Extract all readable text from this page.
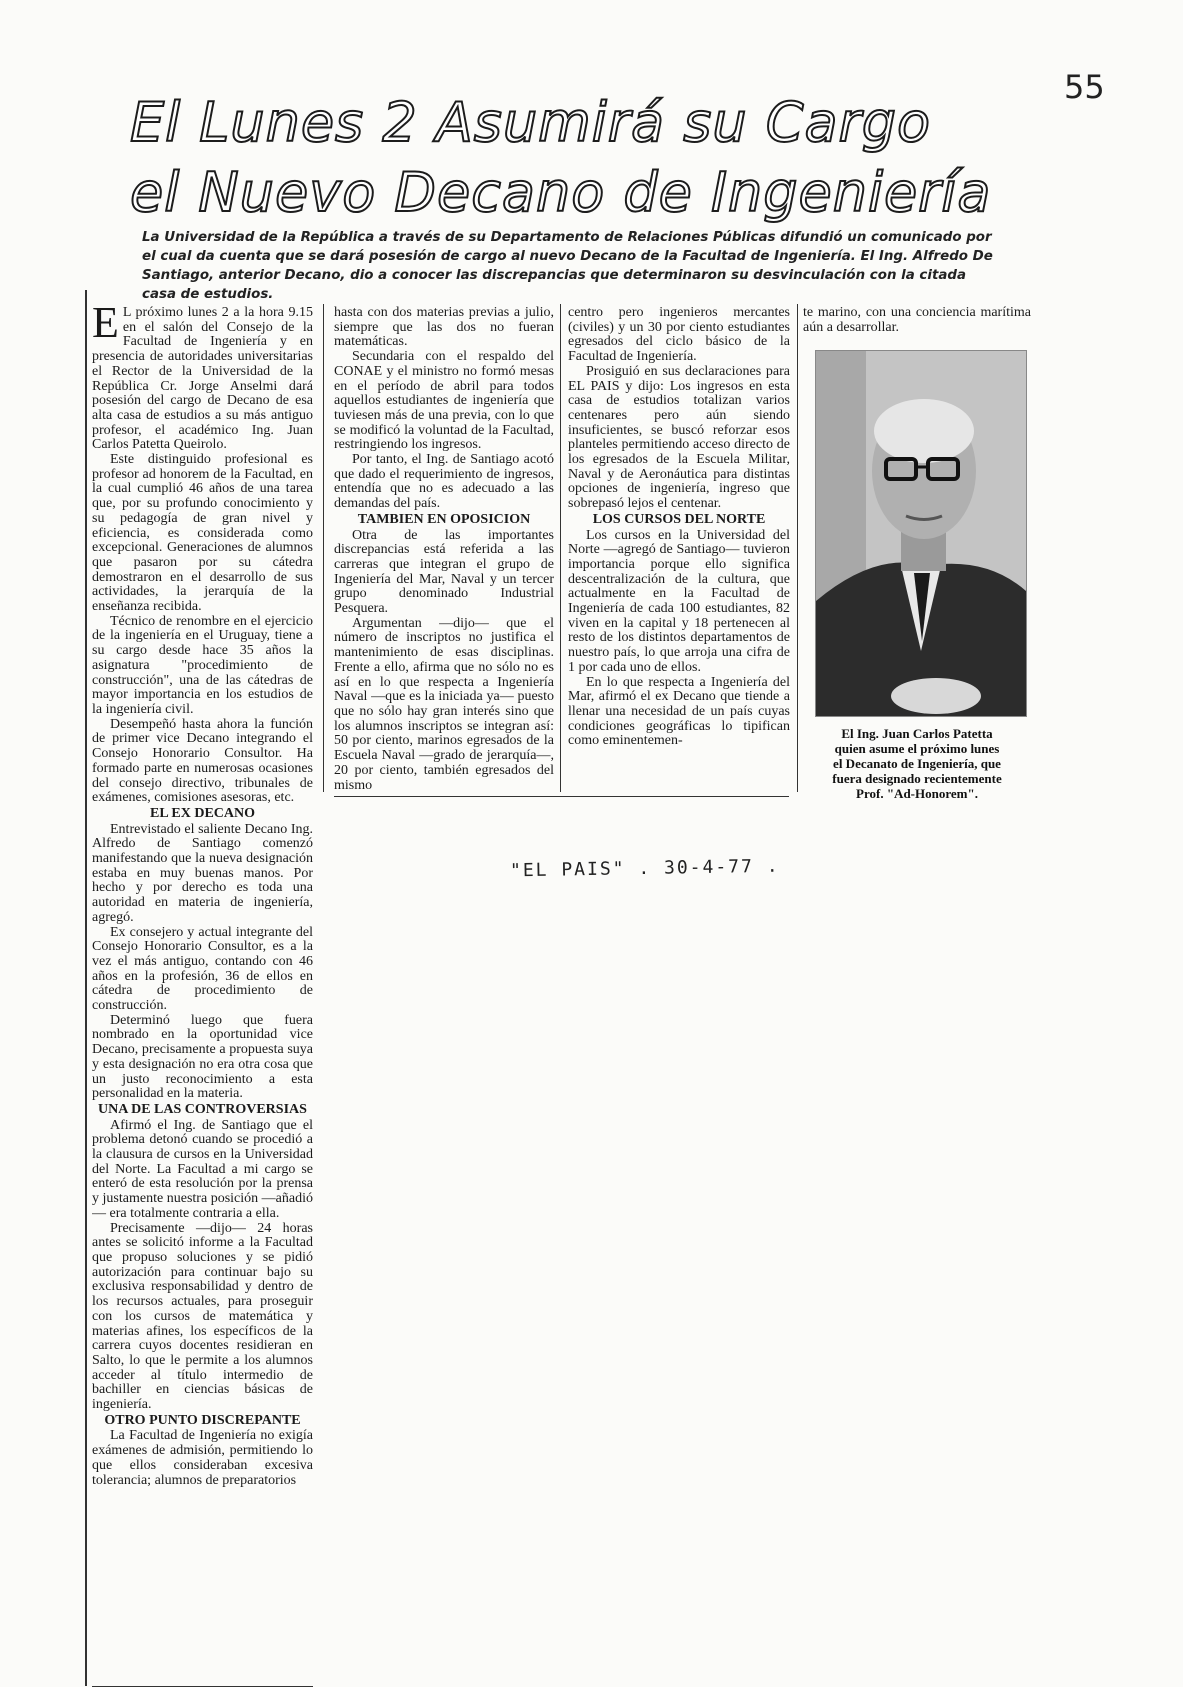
55
El Lunes 2 Asumirá su Cargo
el Nuevo Decano de Ingeniería

La Universidad de la República a través de su Departamento de Relaciones Públicas difundió un comunicado por el cual da cuenta que se dará posesión de cargo al nuevo Decano de la Facultad de Ingeniería. El Ing. Alfredo De Santiago, anterior Decano, dio a conocer las discrepancias que determinaron su desvinculación con la citada casa de estudios.

E L próximo lunes 2 a la hora 9.15 en el salón del Consejo de la Facultad de Ingeniería y en presencia de autoridades universitarias el Rector de la Universidad de la República Cr. Jorge Anselmi dará posesión del cargo de Decano de esa alta casa de estudios a su más antiguo profesor, el académico Ing. Juan Carlos Patetta Queirolo.

Este distinguido profesional es profesor ad honorem de la Facultad, en la cual cumplió 46 años de una tarea que, por su profundo conocimiento y su pedagogía de gran nivel y eficiencia, es considerada como excepcional. Generaciones de alumnos que pasaron por su cátedra demostraron en el desarrollo de sus actividades, la jerarquía de la enseñanza recibida.

Técnico de renombre en el ejercicio de la ingeniería en el Uruguay, tiene a su cargo desde hace 35 años la asignatura "procedimiento de construcción", una de las cátedras de mayor importancia en los estudios de la ingeniería civil.

Desempeñó hasta ahora la función de primer vice Decano integrando el Consejo Honorario Consultor. Ha formado parte en numerosas ocasiones del consejo directivo, tribunales de exámenes, comisiones asesoras, etc.

EL EX DECANO

Entrevistado el saliente Decano Ing. Alfredo de Santiago comenzó manifestando que la nueva designación estaba en muy buenas manos. Por hecho y por derecho es toda una autoridad en materia de ingeniería, agregó.

Ex consejero y actual integrante del Consejo Honorario Consultor, es a la vez el más antiguo, contando con 46 años en la profesión, 36 de ellos en cátedra de procedimiento de construcción.

Determinó luego que fuera nombrado en la oportunidad vice Decano, precisamente a propuesta suya y esta designación no era otra cosa que un justo reconocimiento a esta personalidad en la materia.

UNA DE LAS CONTROVERSIAS

Afirmó el Ing. de Santiago que el problema detonó cuando se procedió a la clausura de cursos en la Universidad del Norte. La Facultad a mi cargo se enteró de esta resolución por la prensa y justamente nuestra posición —añadió— era totalmente contraria a ella.

Precisamente —dijo— 24 horas antes se solicitó informe a la Facultad que propuso soluciones y se pidió autorización para continuar bajo su exclusiva responsabilidad y dentro de los recursos actuales, para proseguir con los cursos de matemática y materias afines, los específicos de la carrera cuyos docentes residieran en Salto, lo que le permite a los alumnos acceder al título intermedio de bachiller en ciencias básicas de ingeniería.

OTRO PUNTO DISCREPANTE

La Facultad de Ingeniería no exigía exámenes de admisión, permitiendo lo que ellos consideraban excesiva tolerancia; alumnos de preparatorios

hasta con dos materias previas a julio, siempre que las dos no fueran matemáticas.

Secundaria con el respaldo del CONAE y el ministro no formó mesas en el período de abril para todos aquellos estudiantes de ingeniería que tuviesen más de una previa, con lo que se modificó la voluntad de la Facultad, restringiendo los ingresos.

Por tanto, el Ing. de Santiago acotó que dado el requerimiento de ingresos, entendía que no es adecuado a las demandas del país.

TAMBIEN EN OPOSICION

Otra de las importantes discrepancias está referida a las carreras que integran el grupo de Ingeniería del Mar, Naval y un tercer grupo denominado Industrial Pesquera.

Argumentan —dijo— que el número de inscriptos no justifica el mantenimiento de esas disciplinas. Frente a ello, afirma que no sólo no es así en lo que respecta a Ingeniería Naval —que es la iniciada ya— puesto que no sólo hay gran interés sino que los alumnos inscriptos se integran así: 50 por ciento, marinos egresados de la Escuela Naval —grado de jerarquía—, 20 por ciento, también egresados del mismo

centro pero ingenieros mercantes (civiles) y un 30 por ciento estudiantes egresados del ciclo básico de la Facultad de Ingeniería.

Prosiguió en sus declaraciones para EL PAIS y dijo: Los ingresos en esta casa de estudios totalizan varios centenares pero aún siendo insuficientes, se buscó reforzar esos planteles permitiendo acceso directo de los egresados de la Escuela Militar, Naval y de Aeronáutica para distintas opciones de ingeniería, ingreso que sobrepasó lejos el centenar.

LOS CURSOS DEL NORTE

Los cursos en la Universidad del Norte —agregó de Santiago— tuvieron importancia porque ello significa descentralización de la cultura, que actualmente en la Facultad de Ingeniería de cada 100 estudiantes, 82 viven en la capital y 18 pertenecen al resto de los distintos departamentos de nuestro país, lo que arroja una cifra de 1 por cada uno de ellos.

En lo que respecta a Ingeniería del Mar, afirmó el ex Decano que tiende a llenar una necesidad de un país cuyas condiciones geográficas lo tipifican como eminentemen-

te marino, con una conciencia marítima aún a desarrollar.

El Ing. Juan Carlos Patetta
quien asume el próximo lunes
el Decanato de Ingeniería, que
fuera designado recientemente
Prof. "Ad-Honorem".

"EL PAIS" . 30-4-77 .
